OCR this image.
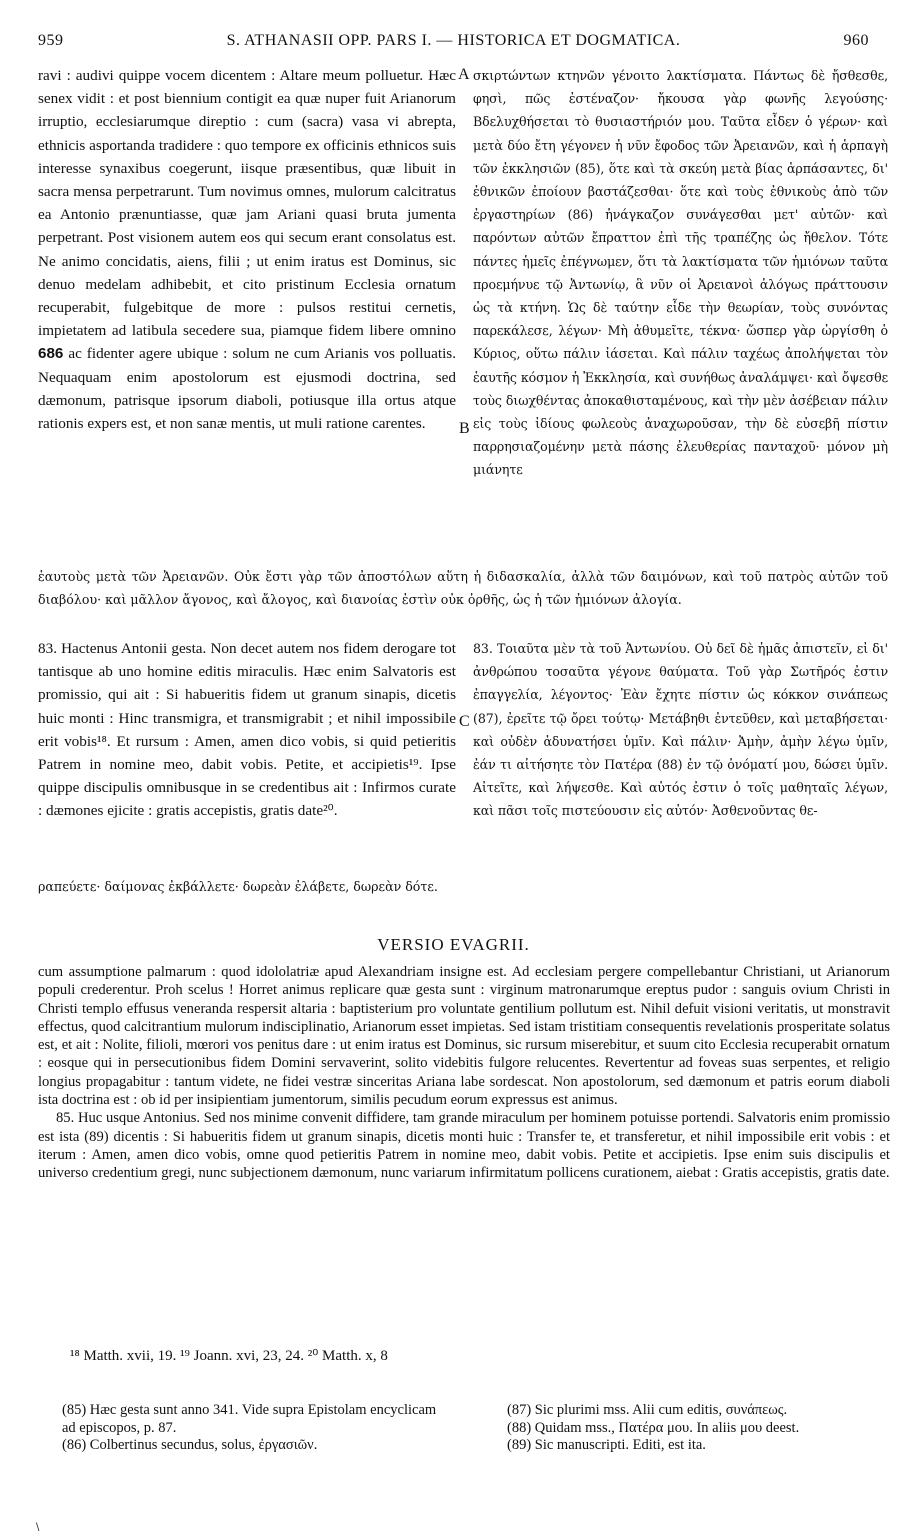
959	S. ATHANASII OPP. PARS I. — HISTORICA ET DOGMATICA.	960
A
B
C

ravi : audivi quippe vocem dicentem : Altare meum polluetur. Hæc senex vidit : et post biennium contigit ea quæ nuper fuit Arianorum irruptio, ecclesiarumque direptio : cum (sacra) vasa vi abrepta, ethnicis asportanda tradidere : quo tempore ex officinis ethnicos suis interesse synaxibus coegerunt, iisque præsentibus, quæ libuit in sacra mensa perpetrarunt. Tum novimus omnes, mulorum calcitratus ea Antonio prænuntiasse, quæ jam Ariani quasi bruta jumenta perpetrant. Post visionem autem eos qui secum erant consolatus est. Ne animo concidatis, aiens, filii ; ut enim iratus est Dominus, sic denuo medelam adhibebit, et cito pristinum Ecclesia ornatum recuperabit, fulgebitque de more : pulsos restitui cernetis, impietatem ad latibula secedere sua, piamque fidem libere omnino 686 ac fidenter agere ubique : solum ne cum Arianis vos polluatis. Nequaquam enim apostolorum est ejusmodi doctrina, sed dæmonum, patrisque ipsorum diaboli, potiusque illa ortus atque rationis expers est, et non sanæ mentis, ut muli ratione carentes.

σκιρτώντων κτηνῶν γένοιτο λακτίσματα. Πάντως δὲ ἤσθεσθε, φησὶ, πῶς ἐστέναζον· ἤκουσα γὰρ φωνῆς λεγούσης· Βδελυχθήσεται τὸ θυσιαστήριόν μου. Ταῦτα εἶδεν ὁ γέρων· καὶ μετὰ δύο ἔτη γέγονεν ἡ νῦν ἔφοδος τῶν Ἀρειανῶν, καὶ ἡ ἁρπαγὴ τῶν ἐκκλησιῶν (85), ὅτε καὶ τὰ σκεύη μετὰ βίας ἁρπάσαντες, δι' ἐθνικῶν ἐποίουν βαστάζεσθαι· ὅτε καὶ τοὺς ἐθνικοὺς ἀπὸ τῶν ἐργαστηρίων (86) ἠνάγκαζον συνάγεσθαι μετ' αὐτῶν· καὶ παρόντων αὐτῶν ἔπραττον ἐπὶ τῆς τραπέζης ὡς ἤθελον. Τότε πάντες ἡμεῖς ἐπέγνωμεν, ὅτι τὰ λακτίσματα τῶν ἡμιόνων ταῦτα προεμήνυε τῷ Ἀντωνίῳ, ἃ νῦν οἱ Ἀρειανοὶ ἀλόγως πράττουσιν ὡς τὰ κτήνη. Ὡς δὲ ταύτην εἶδε τὴν θεωρίαν, τοὺς συνόντας παρεκάλεσε, λέγων· Μὴ ἀθυμεῖτε, τέκνα· ὥσπερ γὰρ ὠργίσθη ὁ Κύριος, οὕτω πάλιν ἰάσεται. Καὶ πάλιν ταχέως ἀπολήψεται τὸν ἑαυτῆς κόσμον ἡ Ἐκκλησία, καὶ συνήθως ἀναλάμψει· καὶ ὄψεσθε τοὺς διωχθέντας ἀποκαθισταμένους, καὶ τὴν μὲν ἀσέβειαν πάλιν εἰς τοὺς ἰδίους φωλεοὺς ἀναχωροῦσαν, τὴν δὲ εὐσεβῆ πίστιν παρρησιαζομένην μετὰ πάσης ἐλευθερίας πανταχοῦ· μόνον μὴ μιάνητε

ἑαυτοὺς μετὰ τῶν Ἀρειανῶν. Οὐκ ἔστι γὰρ τῶν ἀποστόλων αὕτη ἡ διδασκαλία, ἀλλὰ τῶν δαιμόνων, καὶ τοῦ πατρὸς αὐτῶν τοῦ διαβόλου· καὶ μᾶλλον ἄγονος, καὶ ἄλογος, καὶ διανοίας ἐστὶν οὐκ ὀρθῆς, ὡς ἡ τῶν ἡμιόνων ἀλογία.

83. Hactenus Antonii gesta. Non decet autem nos fidem derogare tot tantisque ab uno homine editis miraculis. Hæc enim Salvatoris est promissio, qui ait : Si habueritis fidem ut granum sinapis, dicetis huic monti : Hinc transmigra, et transmigrabit ; et nihil impossibile erit vobis¹⁸. Et rursum : Amen, amen dico vobis, si quid petieritis Patrem in nomine meo, dabit vobis. Petite, et accipietis¹⁹. Ipse quippe discipulis omnibusque in se credentibus ait : Infirmos curate : dæmones ejicite : gratis accepistis, gratis date²⁰.

83. Τοιαῦτα μὲν τὰ τοῦ Ἀντωνίου. Οὐ δεῖ δὲ ἡμᾶς ἀπιστεῖν, εἰ δι' ἀνθρώπου τοσαῦτα γέγονε θαύματα. Τοῦ γὰρ Σωτῆρός ἐστιν ἐπαγγελία, λέγοντος· Ἐὰν ἔχητε πίστιν ὡς κόκκον σινάπεως (87), ἐρεῖτε τῷ ὄρει τούτῳ· Μετάβηθι ἐντεῦθεν, καὶ μεταβήσεται· καὶ οὐδὲν ἀδυνατήσει ὑμῖν. Καὶ πάλιν· Ἀμὴν, ἀμὴν λέγω ὑμῖν, ἐάν τι αἰτήσητε τὸν Πατέρα (88) ἐν τῷ ὀνόματί μου, δώσει ὑμῖν. Αἰτεῖτε, καὶ λήψεσθε. Καὶ αὐτός ἐστιν ὁ τοῖς μαθηταῖς λέγων, καὶ πᾶσι τοῖς πιστεύουσιν εἰς αὐτόν· Ἀσθενοῦντας θε-

ραπεύετε· δαίμονας ἐκβάλλετε· δωρεὰν ἐλάβετε, δωρεὰν δότε.
VERSIO EVAGRII.

cum assumptione palmarum : quod idololatriæ apud Alexandriam insigne est. Ad ecclesiam pergere compellebantur Christiani, ut Arianorum populi crederentur. Proh scelus ! Horret animus replicare quæ gesta sunt : virginum matronarumque ereptus pudor : sanguis ovium Christi in Christi templo effusus veneranda respersit altaria : baptisterium pro voluntate gentilium pollutum est. Nihil defuit visioni veritatis, ut monstravit effectus, quod calcitrantium mulorum indisciplinatio, Arianorum esset impietas. Sed istam tristitiam consequentis revelationis prosperitate solatus est, et ait : Nolite, filioli, mœrori vos penitus dare : ut enim iratus est Dominus, sic rursum miserebitur, et suum cito Ecclesia recuperabit ornatum : eosque qui in persecutionibus fidem Domini servaverint, solito videbitis fulgore relucentes. Revertentur ad foveas suas serpentes, et religio longius propagabitur : tantum videte, ne fidei vestræ sinceritas Ariana labe sordescat. Non apostolorum, sed dæmonum et patris eorum diaboli ista doctrina est : ob id per insipientiam jumentorum, similis pecudum eorum expressus est animus.

85. Huc usque Antonius. Sed nos minime convenit diffidere, tam grande miraculum per hominem potuisse portendi. Salvatoris enim promissio est ista (89) dicentis : Si habueritis fidem ut granum sinapis, dicetis monti huic : Transfer te, et transferetur, et nihil impossibile erit vobis : et iterum : Amen, amen dico vobis, omne quod petieritis Patrem in nomine meo, dabit vobis. Petite et accipietis. Ipse enim suis discipulis et universo credentium gregi, nunc subjectionem dæmonum, nunc variarum infirmitatum pollicens curationem, aiebat : Gratis accepistis, gratis date.

¹⁸ Matth. xvii, 19. ¹⁹ Joann. xvi, 23, 24. ²⁰ Matth. x, 8

(85) Hæc gesta sunt anno 341. Vide supra Epistolam encyclicam ad episcopos, p. 87.

(86) Colbertinus secundus, solus, ἐργασιῶν.

(87) Sic plurimi mss. Alii cum editis, συνάπεως.

(88) Quidam mss., Πατέρα μου. In aliis μου deest.

(89) Sic manuscripti. Editi, est ita.

\
